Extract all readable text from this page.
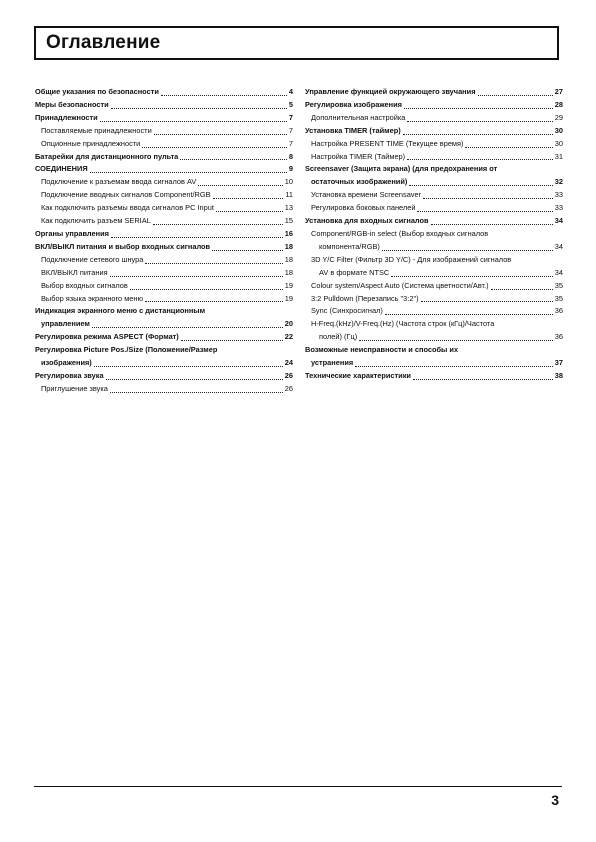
Оглавление
Общие указания по безопасности	4
Меры безопасности	5
Принадлежности	7
Поставляемые принадлежности	7
Опционные принадлежности	7
Батарейки для дистанционного пульта	8
СОЕДИНЕНИЯ	9
Подключение к разъемам ввода сигналов AV	10
Подключение вводных сигналов Component/RGB	11
Как подключить разъемы ввода сигналов PC Input	13
Как подключить разъем SERIAL	15
Органы управления	16
ВКЛ/ВЫКЛ питания и выбор входных сигналов	18
Подключение сетевого шнура	18
ВКЛ/ВЫКЛ питания	18
Выбор входных сигналов	19
Выбор языка экранного меню	19
Индикация экранного меню с дистанционным
управлением	20
Регулировка режима ASPECT (Формат)	22
Регулировка Picture Pos./Size (Положение/Размер
изображения)	24
Регулировка звука	26
Приглушение звука	26
Управление функцией окружающего звучания	27
Регулировка изображения	28
Дополнительная настройка	29
Установка TIMER (таймер)	30
Настройка PRESENT TIME (Текущее время)	30
Настройка TIMER (Таймер)	31
Screensaver (Защита экрана) (для предохранения от
остаточных изображений)	32
Установка времени Screensaver	33
Регулировка боковых панелей	33
Установка для входных сигналов	34
Component/RGB-in select (Выбор входных сигналов
компонента/RGB)	34
3D Y/C Filter (Фильтр 3D Y/C) - Для изображений сигналов
AV в формате NTSC	34
Colour system/Aspect Auto (Система цветности/Авт.)	35
3:2 Pulldown (Перезапись "3:2")	35
Sync (Синхросигнал)	36
H-Freq.(kHz)/V-Freq.(Hz) (Частота строк (кГц)/Частота
полей) (Гц)	36
Возможные неисправности и способы их
устранения	37
Технические характеристики	38
3
